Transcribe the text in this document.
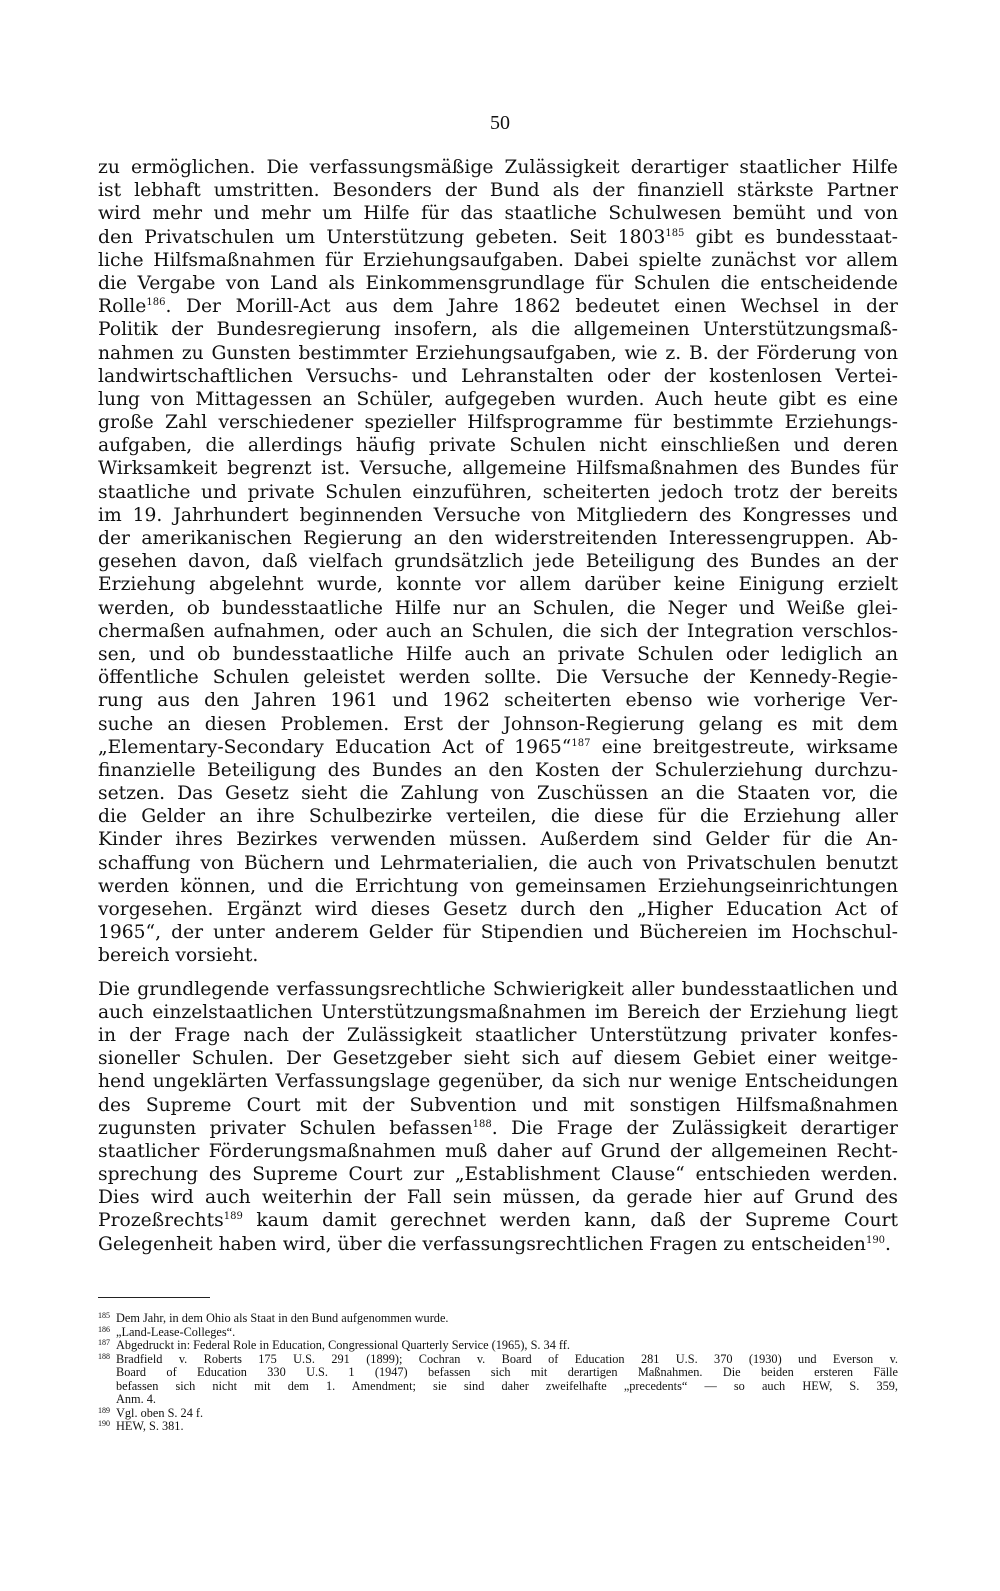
50
zu ermöglichen. Die verfassungsmäßige Zulässigkeit derartiger staatlicher Hilfe
ist lebhaft umstritten. Besonders der Bund als der finanziell stärkste Partner
wird mehr und mehr um Hilfe für das staatliche Schulwesen bemüht und von
den Privatschulen um Unterstützung gebeten. Seit 1803$^{185}$ gibt es bundesstaat-
liche Hilfsmaßnahmen für Erziehungsaufgaben. Dabei spielte zunächst vor allem
die Vergabe von Land als Einkommensgrundlage für Schulen die entscheidende
Rolle$^{186}$. Der Morill-Act aus dem Jahre 1862 bedeutet einen Wechsel in der
Politik der Bundesregierung insofern, als die allgemeinen Unterstützungsmaß-
nahmen zu Gunsten bestimmter Erziehungsaufgaben, wie z. B. der Förderung von
landwirtschaftlichen Versuchs- und Lehranstalten oder der kostenlosen Vertei-
lung von Mittagessen an Schüler, aufgegeben wurden. Auch heute gibt es eine
große Zahl verschiedener spezieller Hilfsprogramme für bestimmte Erziehungs-
aufgaben, die allerdings häufig private Schulen nicht einschließen und deren
Wirksamkeit begrenzt ist. Versuche, allgemeine Hilfsmaßnahmen des Bundes für
staatliche und private Schulen einzuführen, scheiterten jedoch trotz der bereits
im 19. Jahrhundert beginnenden Versuche von Mitgliedern des Kongresses und
der amerikanischen Regierung an den widerstreitenden Interessengruppen. Ab-
gesehen davon, daß vielfach grundsätzlich jede Beteiligung des Bundes an der
Erziehung abgelehnt wurde, konnte vor allem darüber keine Einigung erzielt
werden, ob bundesstaatliche Hilfe nur an Schulen, die Neger und Weiße glei-
chermaßen aufnahmen, oder auch an Schulen, die sich der Integration verschlos-
sen, und ob bundesstaatliche Hilfe auch an private Schulen oder lediglich an
öffentliche Schulen geleistet werden sollte. Die Versuche der Kennedy-Regie-
rung aus den Jahren 1961 und 1962 scheiterten ebenso wie vorherige Ver-
suche an diesen Problemen. Erst der Johnson-Regierung gelang es mit dem
„Elementary-Secondary Education Act of 1965“$^{187}$ eine breitgestreute, wirksame
finanzielle Beteiligung des Bundes an den Kosten der Schulerziehung durchzu-
setzen. Das Gesetz sieht die Zahlung von Zuschüssen an die Staaten vor, die
die Gelder an ihre Schulbezirke verteilen, die diese für die Erziehung aller
Kinder ihres Bezirkes verwenden müssen. Außerdem sind Gelder für die An-
schaffung von Büchern und Lehrmaterialien, die auch von Privatschulen benutzt
werden können, und die Errichtung von gemeinsamen Erziehungseinrichtungen
vorgesehen. Ergänzt wird dieses Gesetz durch den „Higher Education Act of
1965“, der unter anderem Gelder für Stipendien und Büchereien im Hochschul-
bereich vorsieht.
Die grundlegende verfassungsrechtliche Schwierigkeit aller bundesstaatlichen und
auch einzelstaatlichen Unterstützungsmaßnahmen im Bereich der Erziehung liegt
in der Frage nach der Zulässigkeit staatlicher Unterstützung privater konfes-
sioneller Schulen. Der Gesetzgeber sieht sich auf diesem Gebiet einer weitge-
hend ungeklärten Verfassungslage gegenüber, da sich nur wenige Entscheidungen
des Supreme Court mit der Subvention und mit sonstigen Hilfsmaßnahmen
zugunsten privater Schulen befassen$^{188}$. Die Frage der Zulässigkeit derartiger
staatlicher Förderungsmaßnahmen muß daher auf Grund der allgemeinen Recht-
sprechung des Supreme Court zur „Establishment Clause“ entschieden werden.
Dies wird auch weiterhin der Fall sein müssen, da gerade hier auf Grund des
Prozeßrechts$^{189}$ kaum damit gerechnet werden kann, daß der Supreme Court
Gelegenheit haben wird, über die verfassungsrechtlichen Fragen zu entscheiden$^{190}$.
185 Dem Jahr, in dem Ohio als Staat in den Bund aufgenommen wurde.
186 „Land-Lease-Colleges“.
187 Abgedruckt in: Federal Role in Education, Congressional Quarterly Service (1965), S. 34 ff.
188 Bradfield v. Roberts 175 U.S. 291 (1899); Cochran v. Board of Education 281 U.S. 370 (1930) und Everson v.
Board of Education 330 U.S. 1 (1947) befassen sich mit derartigen Maßnahmen. Die beiden ersteren Fälle
befassen sich nicht mit dem 1. Amendment; sie sind daher zweifelhafte „precedents“ — so auch HEW, S. 359,
Anm. 4.
189 Vgl. oben S. 24 f.
190 HEW, S. 381.
